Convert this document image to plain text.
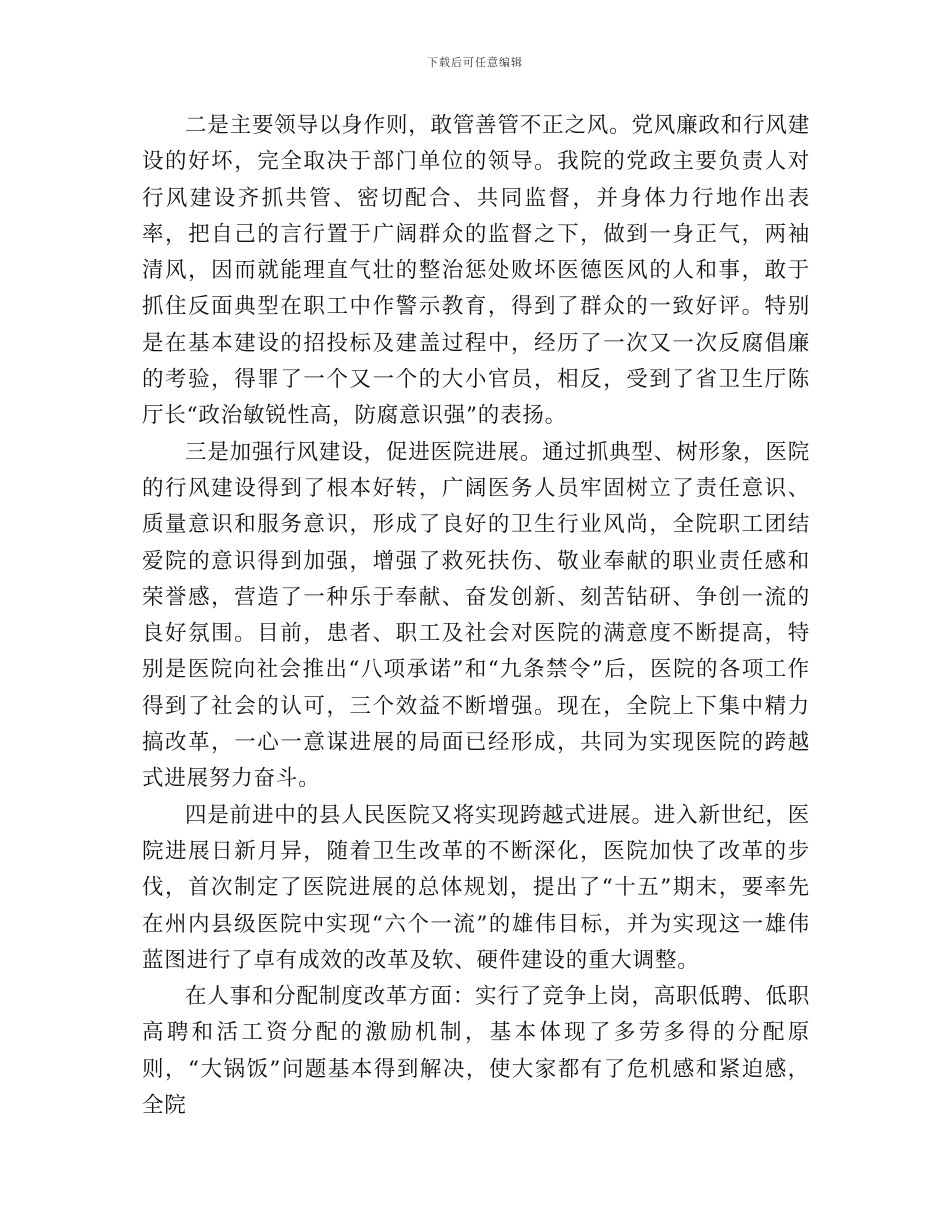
下载后可任意编辑

二是主要领导以身作则，敢管善管不正之风。党风廉政和行风建设的好坏，完全取决于部门单位的领导。我院的党政主要负责人对行风建设齐抓共管、密切配合、共同监督，并身体力行地作出表率，把自己的言行置于广阔群众的监督之下，做到一身正气，两袖清风，因而就能理直气壮的整治惩处败坏医德医风的人和事，敢于抓住反面典型在职工中作警示教育，得到了群众的一致好评。特别是在基本建设的招投标及建盖过程中，经历了一次又一次反腐倡廉的考验，得罪了一个又一个的大小官员，相反，受到了省卫生厅陈厅长“政治敏锐性高，防腐意识强”的表扬。

三是加强行风建设，促进医院进展。通过抓典型、树形象，医院的行风建设得到了根本好转，广阔医务人员牢固树立了责任意识、质量意识和服务意识，形成了良好的卫生行业风尚，全院职工团结爱院的意识得到加强，增强了救死扶伤、敬业奉献的职业责任感和荣誉感，营造了一种乐于奉献、奋发创新、刻苦钻研、争创一流的良好氛围。目前，患者、职工及社会对医院的满意度不断提高，特别是医院向社会推出“八项承诺”和“九条禁令”后，医院的各项工作得到了社会的认可，三个效益不断增强。现在，全院上下集中精力搞改革，一心一意谋进展的局面已经形成，共同为实现医院的跨越式进展努力奋斗。

四是前进中的县人民医院又将实现跨越式进展。进入新世纪，医院进展日新月异，随着卫生改革的不断深化，医院加快了改革的步伐，首次制定了医院进展的总体规划，提出了“十五”期末，要率先在州内县级医院中实现“六个一流”的雄伟目标，并为实现这一雄伟蓝图进行了卓有成效的改革及软、硬件建设的重大调整。

在人事和分配制度改革方面：实行了竞争上岗，高职低聘、低职高聘和活工资分配的激励机制，基本体现了多劳多得的分配原则，“大锅饭”问题基本得到解决，使大家都有了危机感和紧迫感，全院
